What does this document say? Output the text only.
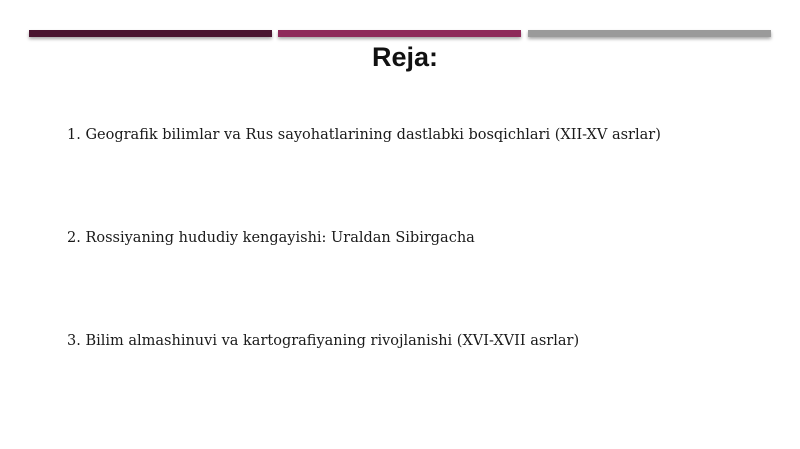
Reja:
1. Geografik bilimlar va Rus sayohatlarining dastlabki bosqichlari (XII-XV asrlar)
2. Rossiyaning hududiy kengayishi: Uraldan Sibirgacha
3. Bilim almashinuvi va kartografiyaning rivojlanishi (XVI-XVII asrlar)
